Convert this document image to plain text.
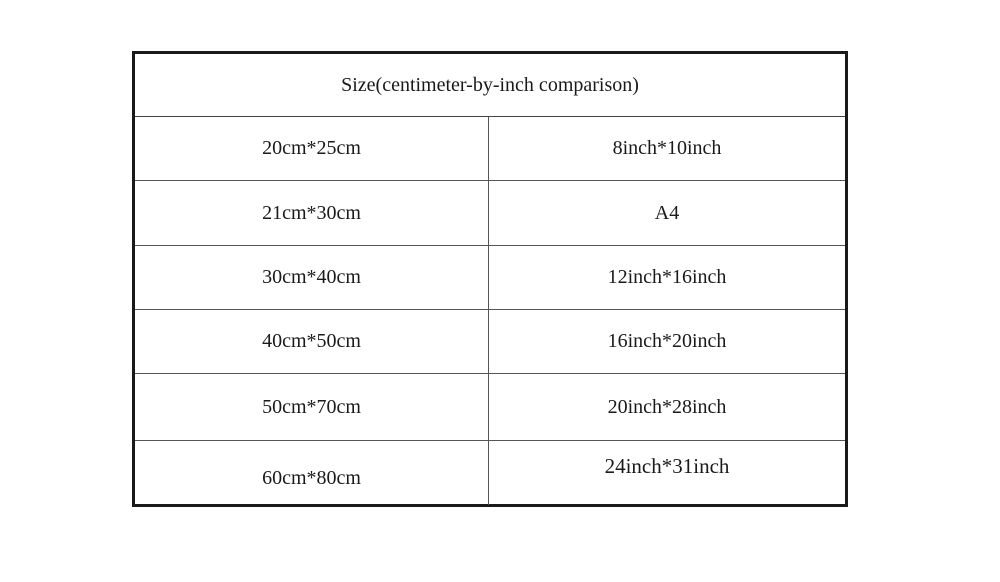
Size(centimeter-by-inch comparison)
20cm*25cm	8inch*10inch
21cm*30cm	A4
30cm*40cm	12inch*16inch
40cm*50cm	16inch*20inch
50cm*70cm	20inch*28inch
60cm*80cm	24inch*31inch
